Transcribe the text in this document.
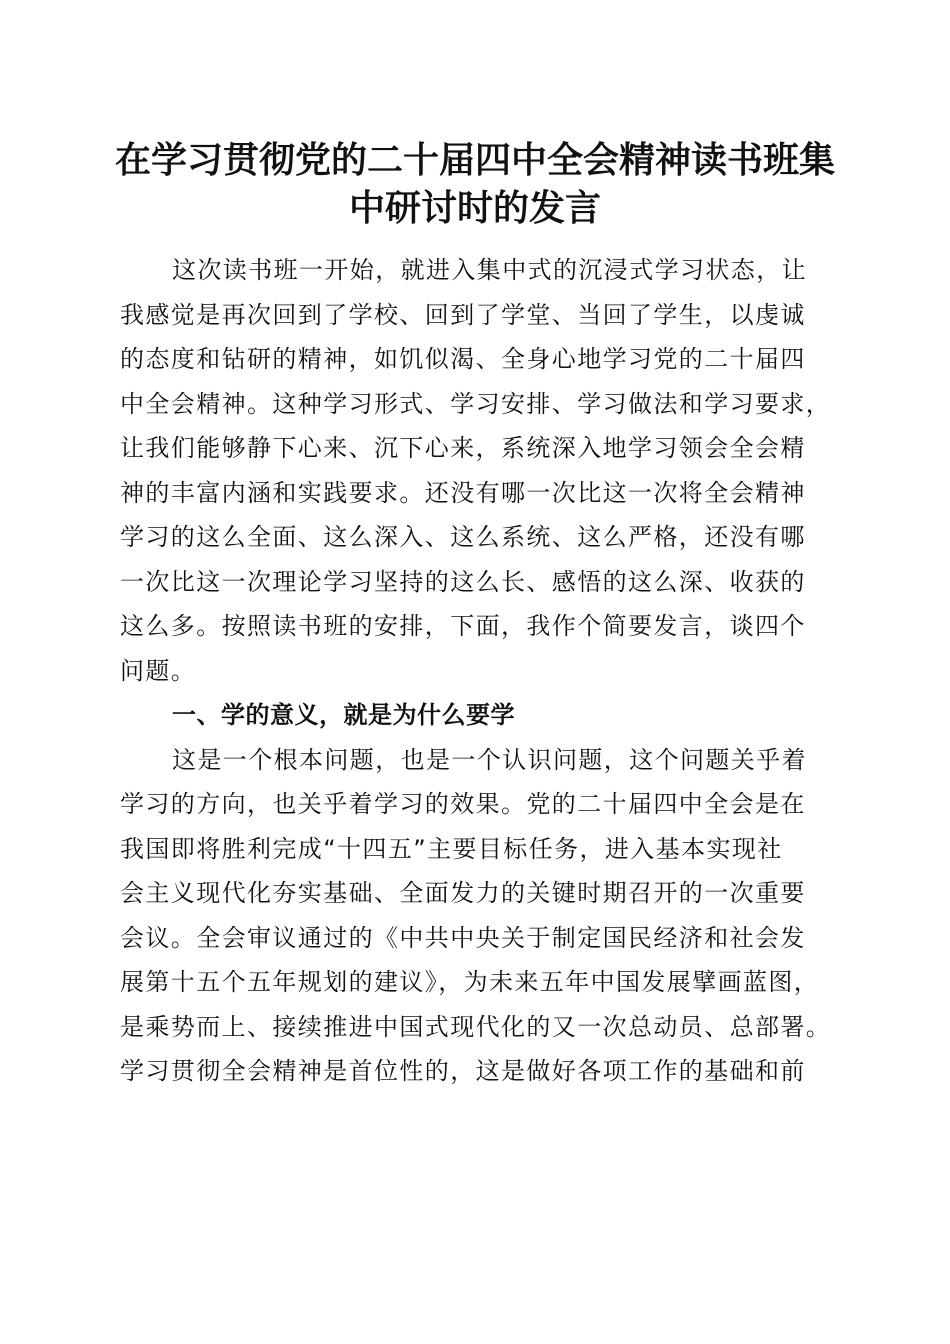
在学习贯彻党的二十届四中全会精神读书班集
中研讨时的发言
这次读书班一开始，就进入集中式的沉浸式学习状态，让
我感觉是再次回到了学校、回到了学堂、当回了学生，以虔诚
的态度和钻研的精神，如饥似渴、全身心地学习党的二十届四
中全会精神。这种学习形式、学习安排、学习做法和学习要求，
让我们能够静下心来、沉下心来，系统深入地学习领会全会精
神的丰富内涵和实践要求。还没有哪一次比这一次将全会精神
学习的这么全面、这么深入、这么系统、这么严格，还没有哪
一次比这一次理论学习坚持的这么长、感悟的这么深、收获的
这么多。按照读书班的安排，下面，我作个简要发言，谈四个
问题。
一、学的意义，就是为什么要学
这是一个根本问题，也是一个认识问题，这个问题关乎着
学习的方向，也关乎着学习的效果。党的二十届四中全会是在
我国即将胜利完成“十四五”主要目标任务，进入基本实现社
会主义现代化夯实基础、全面发力的关键时期召开的一次重要
会议。全会审议通过的《中共中央关于制定国民经济和社会发
展第十五个五年规划的建议》，为未来五年中国发展擘画蓝图，
是乘势而上、接续推进中国式现代化的又一次总动员、总部署。
学习贯彻全会精神是首位性的，这是做好各项工作的基础和前
